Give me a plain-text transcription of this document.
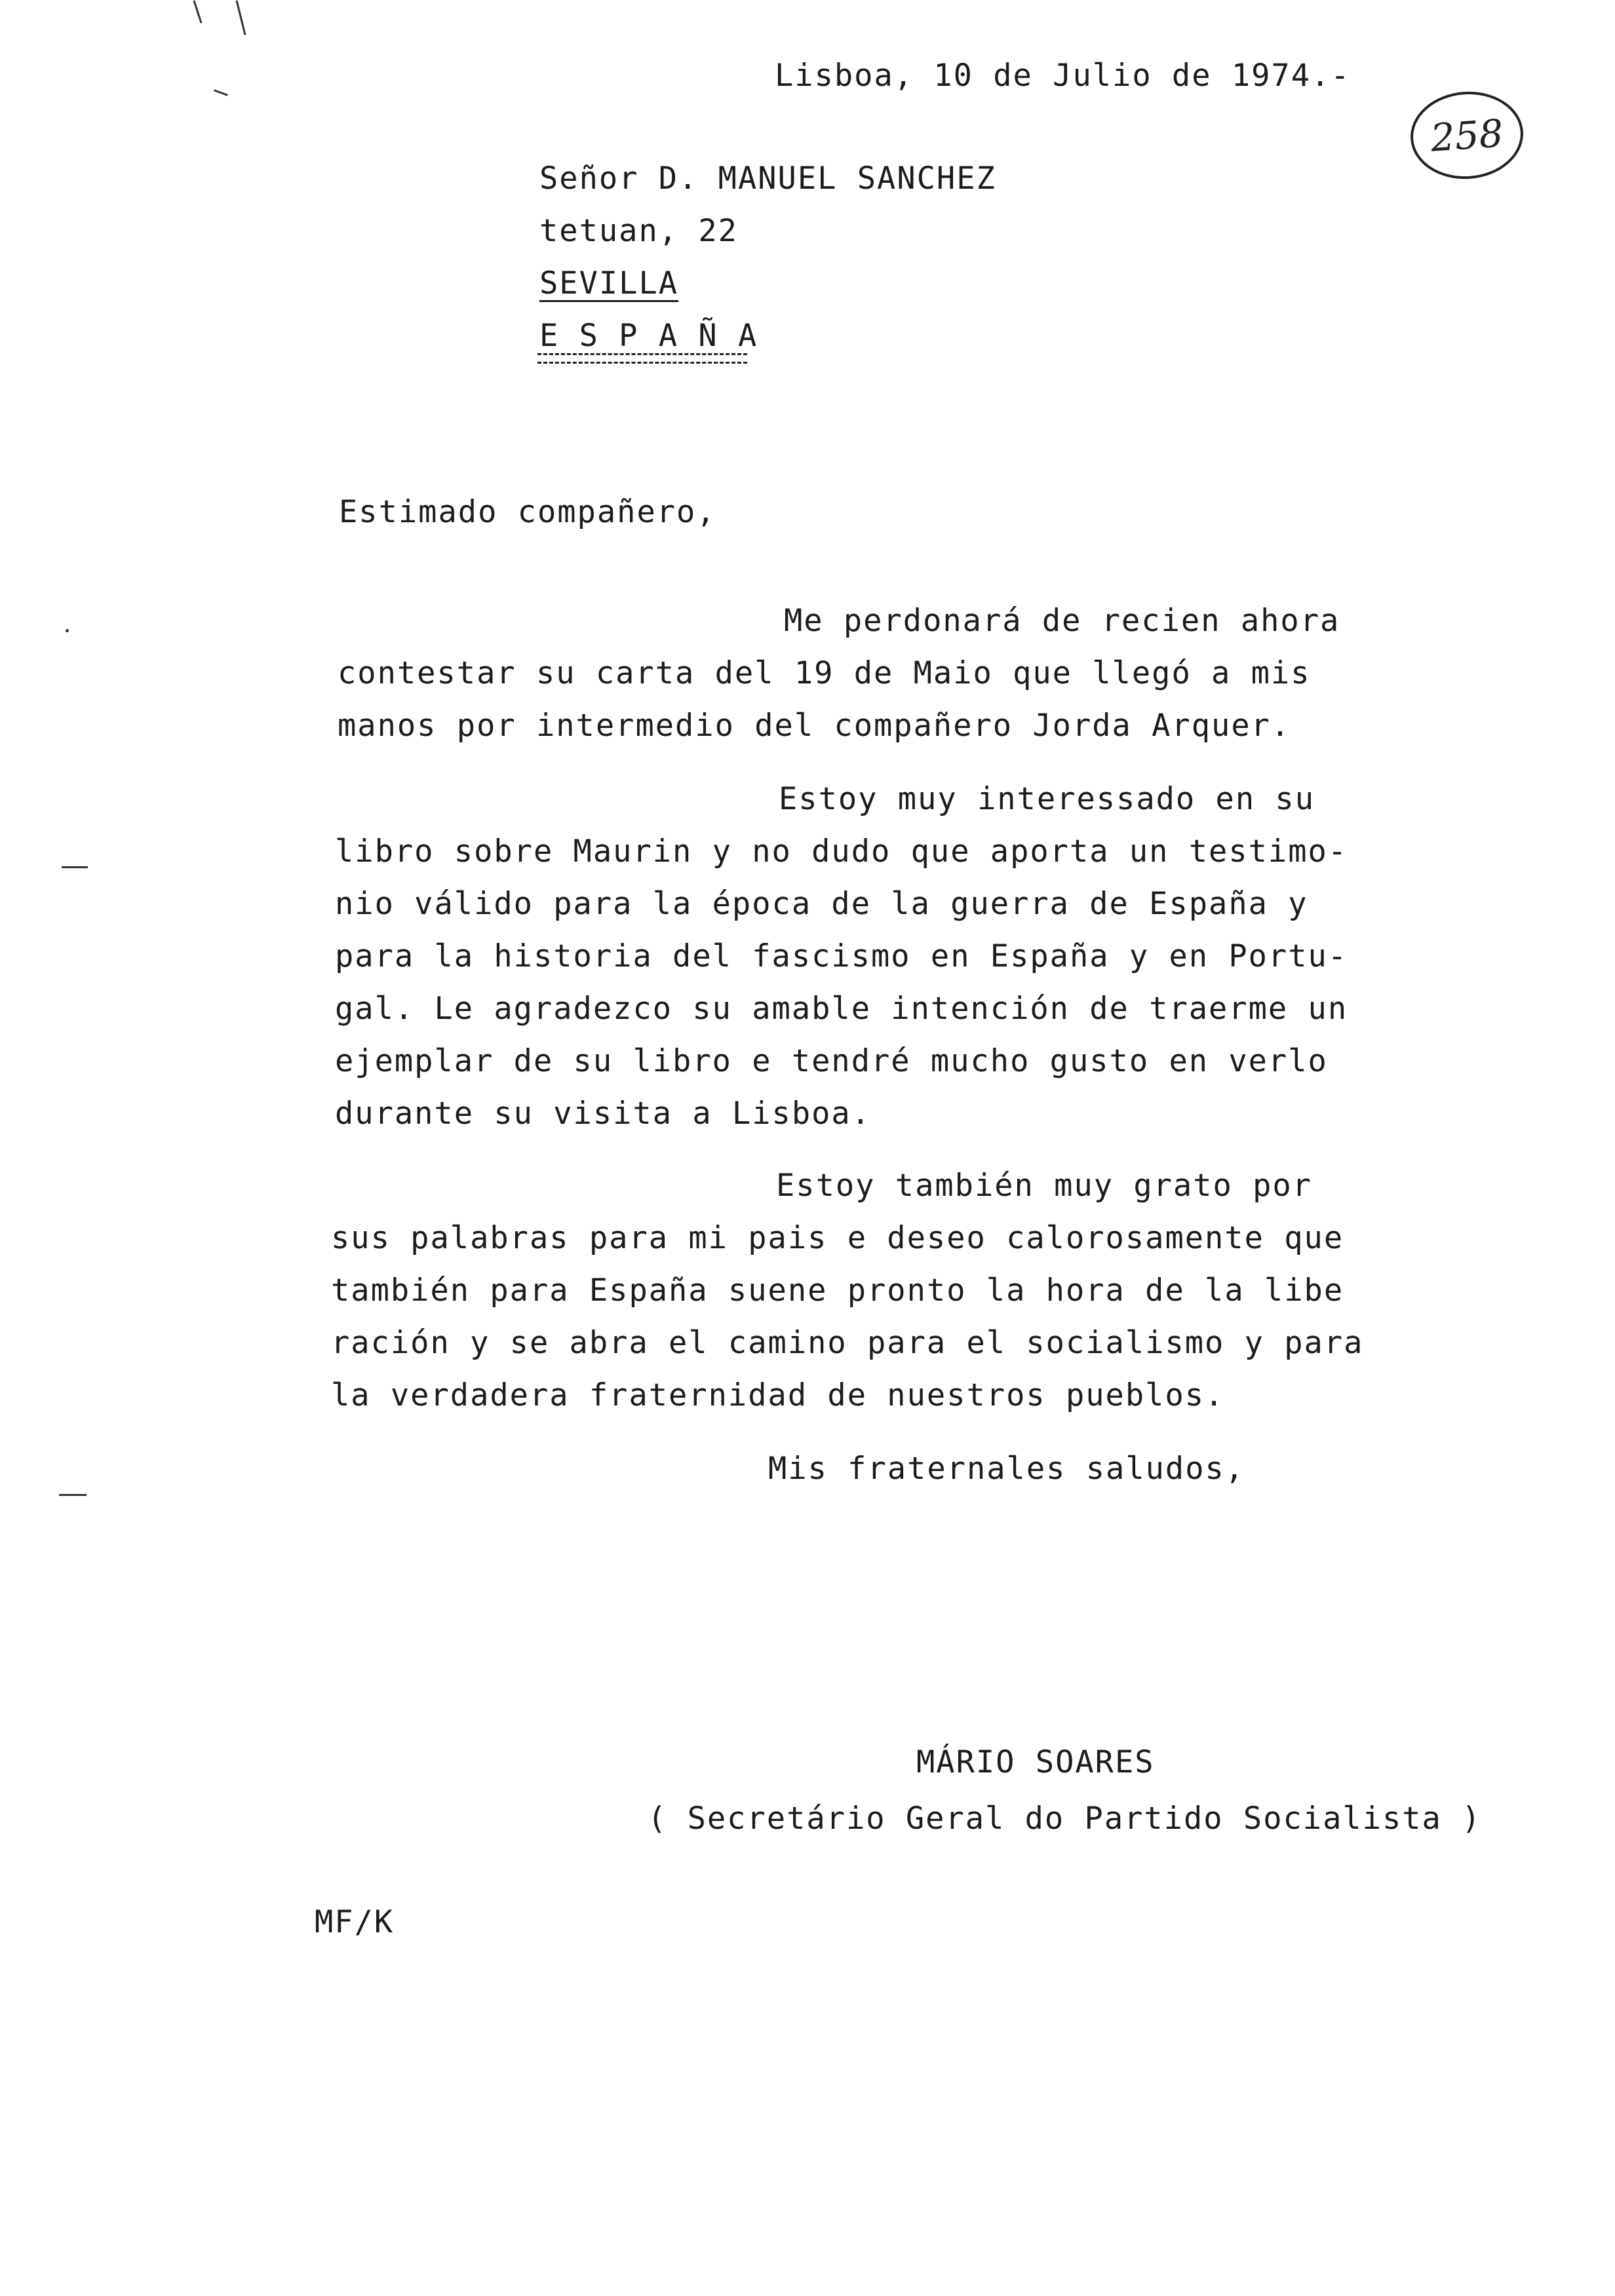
Lisboa, 10 de Julio de 1974.-
258
Señor D. MANUEL SANCHEZ
tetuan, 22
SEVILLA
E S P A Ñ A
Estimado compañero,
Me perdonará de recien ahora
contestar su carta del 19 de Maio que llegó a mis
manos por intermedio del compañero Jorda Arquer.
Estoy muy interessado en su
libro sobre Maurin y no dudo que aporta un testimo-
nio válido para la época de la guerra de España y
para la historia del fascismo en España y en Portu-
gal. Le agradezco su amable intención de traerme un
ejemplar de su libro e tendré mucho gusto en verlo
durante su visita a Lisboa.
Estoy también muy grato por
sus palabras para mi pais e deseo calorosamente que
también para España suene pronto la hora de la libe
ración y se abra el camino para el socialismo y para
la verdadera fraternidad de nuestros pueblos.
Mis fraternales saludos,
MÁRIO SOARES
( Secretário Geral do Partido Socialista )
MF/K
